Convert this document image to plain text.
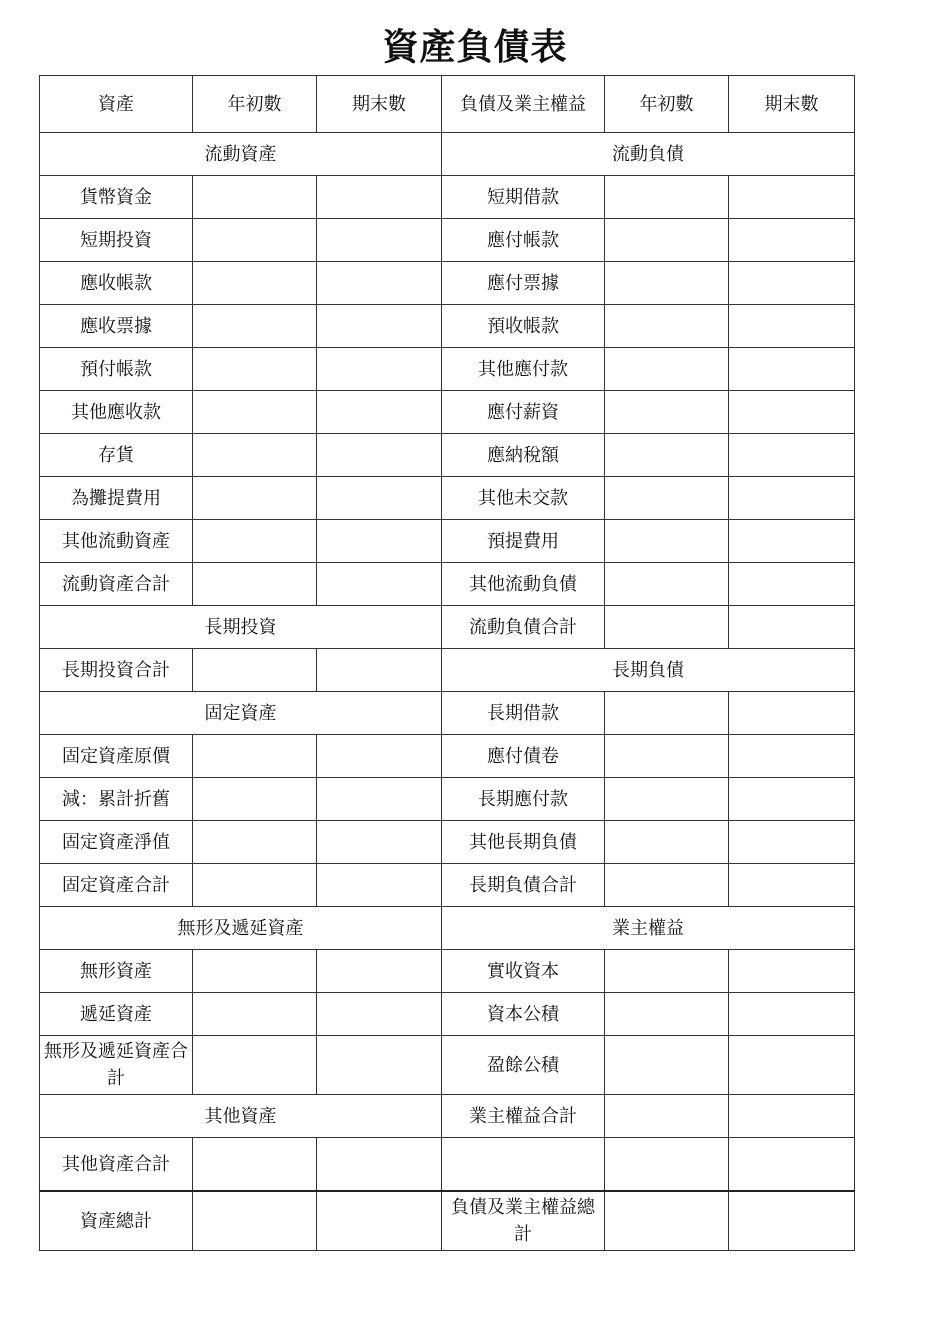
資產負債表
資產	年初數	期末數	負債及業主權益	年初數	期末數
流動資產			流動負債		
貨幣資金			短期借款		
短期投資			應付帳款		
應收帳款			應付票據		
應收票據			預收帳款		
預付帳款			其他應付款		
其他應收款			應付薪資		
存貨			應納稅額		
為攤提費用			其他未交款		
其他流動資產			預提費用		
流動資產合計			其他流動負債		
長期投資			流動負債合計		
長期投資合計			長期負債		
固定資產			長期借款		
固定資產原價			應付債卷		
減：累計折舊			長期應付款		
固定資產淨值			其他長期負債		
固定資產合計			長期負債合計		
無形及遞延資產			業主權益		
無形資產			實收資本		
遞延資產			資本公積		
無形及遞延資產合計			盈餘公積		
其他資產			業主權益合計		
其他資產合計					
資產總計			負債及業主權益總計		
